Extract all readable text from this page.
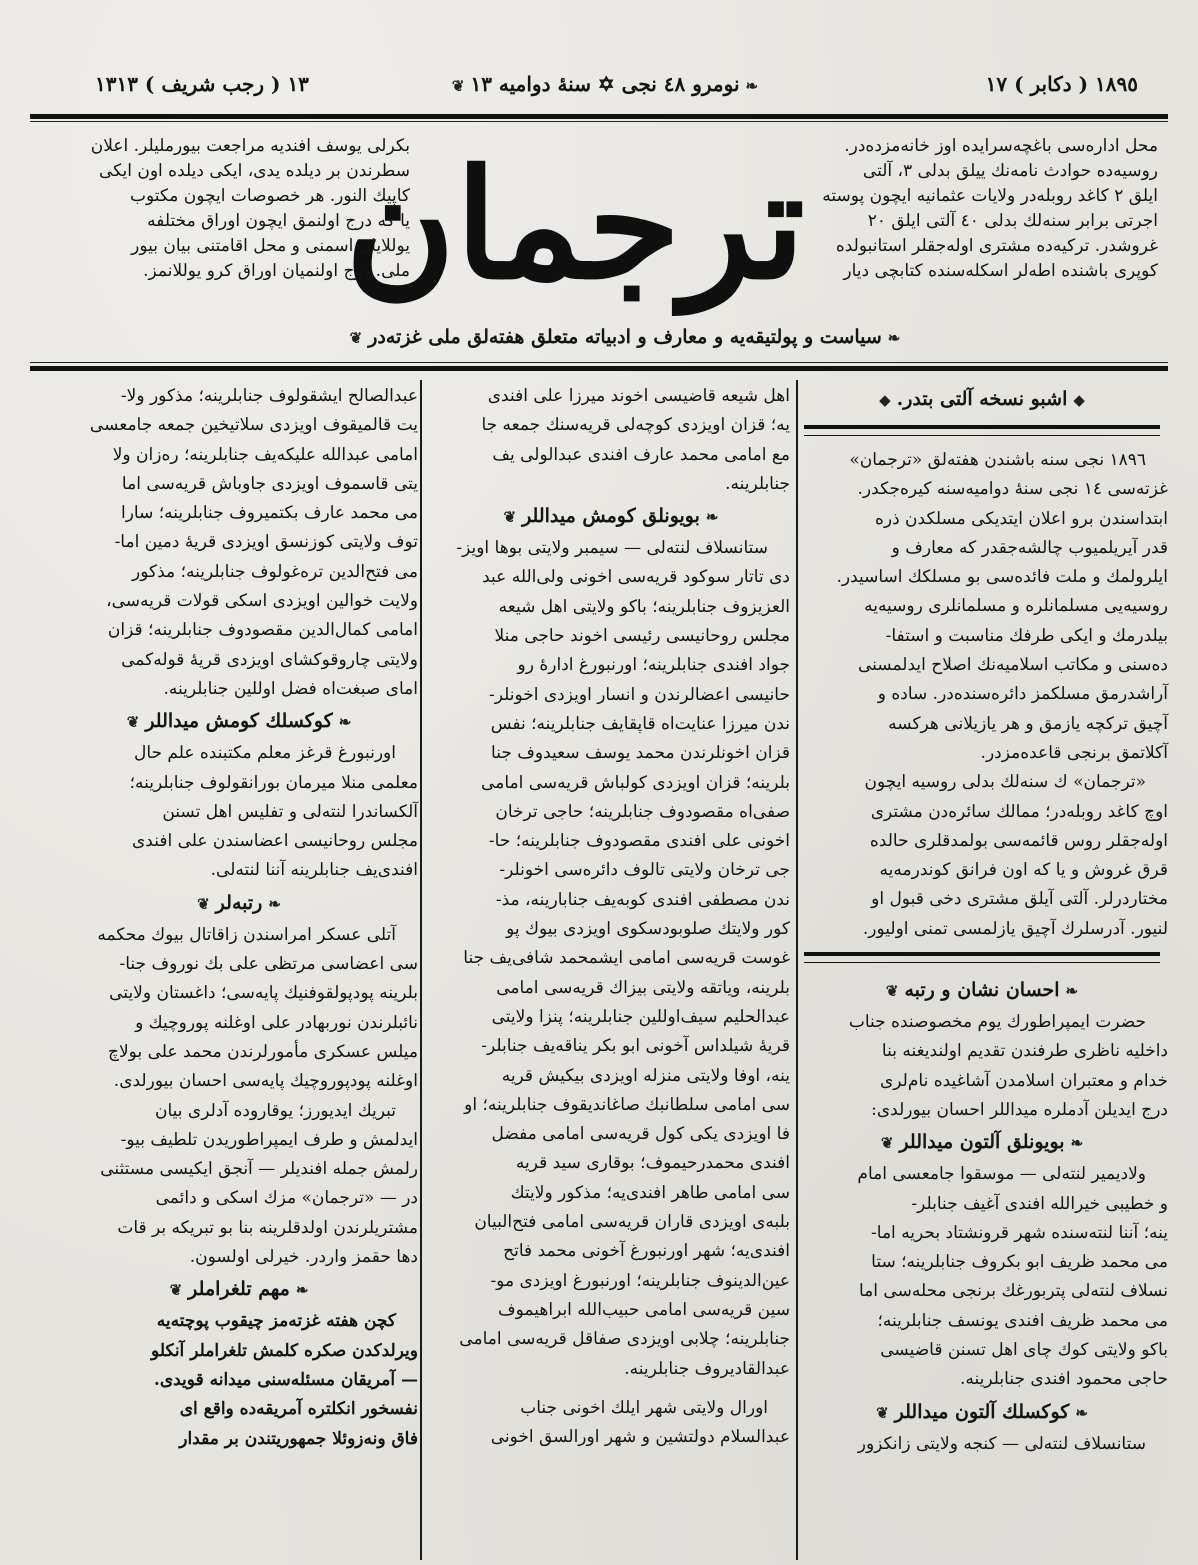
١٨٩٥ ( دكابر ) ١٧
❧نومرو ٤٨ نجی ✡ سنهٔ دوامیه ١٣❦
١٣ ( رجب شریف ) ١٣١٣

محل ادارەسی باغچەسرایده اوز خانه‌مزده‌در.

روسیه‌ده حوادث نامه‌نك ییلق بدلی ٣، آلتی

ایلق ٢ کاغد روبله‌در ولایات عثمانیه ایچون پوسته

اجرتی برابر سنه‌لك بدلی ٤٠ آلتی ایلق ٢٠

غروشدر. ترکیه‌ده مشتری اوله‌جقلر استانبولده

کوپری باشنده اطه‌لر اسکله‌سنده کتابچی دیار

ترجمان

بکرلی یوسف افندیه مراجعت بیورملیلر. اعلان

سطرندن بر دیلده یدی، ایکی دیلده اون ایکی

کاپیك النور. هر خصوصات ایچون مکتوب

یا که درج اولنمق ایچون اوراق مختلفه

یوللایان اسمنی و محل اقامتنی بیان بیور

ملی. درج اولنمیان اوراق کرو یوللانمز.

❧سیاست و پولتیقه‌یه و معارف و ادبیاته متعلق هفته‌لق ملی غزته‌در❦
◆اشبو نسخه آلتی بتدر.◆

١٨٩٦ نجی سنه باشندن هفته‌لق «ترجمان»

غزته‌سی ١٤ نجی سنهٔ دوامیه‌سنه کیره‌جکدر.

ابتداسندن برو اعلان ایتدیکی مسلکدن ذره

قدر آیریلمیوب چالشه‌جقدر که معارف و

ایلرولمك و ملت فائده‌سی بو مسلکك اساسیدر.

روسیه‌یی مسلمانلره و مسلمانلری روسیه‌یه

بیلدرمك و ایکی طرفك مناسبت و استفا-

ده‌سنی و مکاتب اسلامیه‌نك اصلاح ایدلمسنی

آراشدرمق مسلکمز دائره‌سنده‌در. ساده و

آچیق ترکچه یازمق و هر یازیلانی هرکسه

آکلاتمق برنجی قاعده‌مزدر.

«ترجمان» ك سنه‌لك بدلی روسیه ایچون

اوچ کاغد روبله‌در؛ ممالك سائره‌دن مشتری

اوله‌جقلر روس قائمه‌سی بولمدقلری حالده

قرق غروش و یا که اون فرانق کوندرمه‌یه

مختاردرلر. آلتی آیلق مشتری دخی قبول او

لنیور. آدرسلرك آچیق یازلمسی تمنی اولیور.

❧احسان نشان و رتبه❦

حضرت ایمپراطورك یوم مخصوصنده جناب

داخلیه ناظری طرفندن تقدیم اولندیغنه بنا

خدام و معتبران اسلامدن آشاغیده نام‌لری

درج ایدیلن آدملره میداللر احسان بیورلدی:

❧بویونلق آلتون میداللر❦

ولادیمیر لنته‌لی — موسقوا جامعسی امام

و خطیبی خیرالله افندی آغیف جنابلر-

ینه؛ آننا لنته‌سنده شهر قرونشتاد بحریه اما-

می محمد ظریف ابو بکروف جنابلرینه؛ ستا

نسلاف لنته‌لی پتربورغك برنجی محله‌سی اما

می محمد ظریف افندی یونسف جنابلرینه؛

باکو ولایتی کوك چای اهل تسنن قاضیسی

حاجی محمود افندی جنابلرینه.

❧کوکسلك آلتون میداللر❦

ستانسلاف لنته‌لی — کنجه ولایتی زانکزور

اهل شیعه قاضیسی اخوند میرزا علی افندی

یه؛ قزان اویزدی کوچه‌لی قریه‌سنك جمعه جا

مع امامی محمد عارف افندی عبدالولی یف

جنابلرینه.

❧بویونلق کومش میداللر❦

ستانسلاف لنته‌لی — سیمبر ولایتی بوها اویز-

دی تاتار سوکود قریه‌سی اخونی ولی‌الله عبد

العزیزوف جنابلرینه؛ باکو ولایتی اهل شیعه

مجلس روحانیسی رئیسی اخوند حاجی منلا

جواد افندی جنابلرینه؛ اورنبورغ ادارهٔ رو

حانیسی اعضالرندن و انسار اویزدی اخونلر-

ندن میرزا عنایت‌اه قاپقایف جنابلرینه؛ نفس

قزان اخونلرندن محمد یوسف سعیدوف جنا

بلرینه؛ قزان اویزدی کولباش قریه‌سی امامی

صفی‌اه مقصودوف جنابلرینه؛ حاجی ترخان

اخونی علی افندی مقصودوف جنابلرینه؛ حا-

جی ترخان ولایتی تالوف دائره‌سی اخونلر-

ندن مصطفی افندی کوبه‌یف جنابارینه، مذ-

کور ولایتك صلوبودسکوی اویزدی بیوك پو

غوست قریه‌سی امامی ایشمحمد شافی‌یف جنا

بلرینه، ویاتقه ولایتی بیزاك قریه‌سی امامی

عبدالحلیم سیف‌اوللین جنابلرینه؛ پنزا ولایتی

قریهٔ شیلداس آخونی ابو بکر یناقه‌یف جنابلر-

ینه، اوفا ولایتی منزله اویزدی بیکیش قریه

سی امامی سلطانبك صاغاندیقوف جنابلرینه؛ او

فا اویزدی یکی کول قریه‌سی امامی مفضل

افندی محمدرحیموف؛ بوقاری سید قریه

سی امامی طاهر افندی‌یه؛ مذکور ولایتك

بلبه‌ی اویزدی قاران قریه‌سی امامی فتح‌البیان

افندی‌یه؛ شهر اورنبورغ آخونی محمد فاتح

عین‌الدینوف جنابلرینه؛ اورنبورغ اویزدی مو-

سین قریه‌سی امامی حبیب‌الله ابراهیموف

جنابلرینه؛ چلابی اویزدی صفاقل قریه‌سی امامی

عبدالقادیروف جنابلرینه.

اورال ولایتی شهر ایلك اخونی جناب

عبدالسلام دولتشین و شهر اورالسق اخونی

عبدالصالح ایشقولوف جنابلرینه؛ مذکور ولا-

یت قالمیقوف اویزدی سلاتیخین جمعه جامعسی

امامی عبدالله علیکه‌یف جنابلرینه؛ رەزان ولا

یتی قاسموف اویزدی جاوباش قریه‌سی اما

می محمد عارف بکتمیروف جنابلرینه؛ سارا

توف ولایتی کوزنسق اویزدی قریهٔ دمین اما-

می فتح‌الدین تره‌غولوف جنابلرینه؛ مذکور

ولایت خوالین اویزدی اسکی قولات قریه‌سی،

امامی کمال‌الدین مقصودوف جنابلرینه؛ قزان

ولایتی چاروقوکشای اویزدی قریهٔ قوله‌کمی

امای صبغت‌اه فضل اوللین جنابلرینه.

❧کوکسلك کومش میداللر❦

اورنبورغ قرغز معلم مکتبنده علم حال

معلمی منلا میرمان بورانقولوف جنابلرینه؛

آلکساندرا لنته‌لی و تفلیس اهل تسنن

مجلس روحانیسی اعضاسندن علی افندی

افندی‌یف جنابلرینه آننا لنته‌لی.

❧رتبه‌لر❦

آتلی عسکر امراسندن زاقاتال بیوك محکمه

سی اعضاسی مرتظی علی بك نوروف جنا-

بلرینه پودپولقوفنیك پایه‌سی؛ داغستان ولایتی

نائبلرندن نوربهادر علی اوغلنه پوروچیك و

میلس عسکری مأمورلرندن محمد علی بولاچ

اوغلنه پودپوروچیك پایه‌سی احسان بیورلدی.

تبریك ایدیورز؛ یوقاروده آدلری بیان

ایدلمش و طرف ایمپراطوریدن تلطیف بیو-

رلمش جمله افندیلر — آنجق ایکیسی مستثنی

در — «ترجمان» مزك اسکی و دائمی

مشتریلرندن اولدقلرینه بنا بو تبریکه بر قات

دها حقمز واردر. خیرلی اولسون.

❧مهم تلغراملر❦

کچن هفته غزته‌مز چیقوب پوچته‌یه

ویرلدکدن صکره کلمش تلغراملر آنکلو

— آمریقان مسئله‌سنی میدانه قویدی.

نفسخور انکلتره آمریقه‌ده واقع ای

فاق ونه‌زوئلا جمهوریتندن بر مقدار
